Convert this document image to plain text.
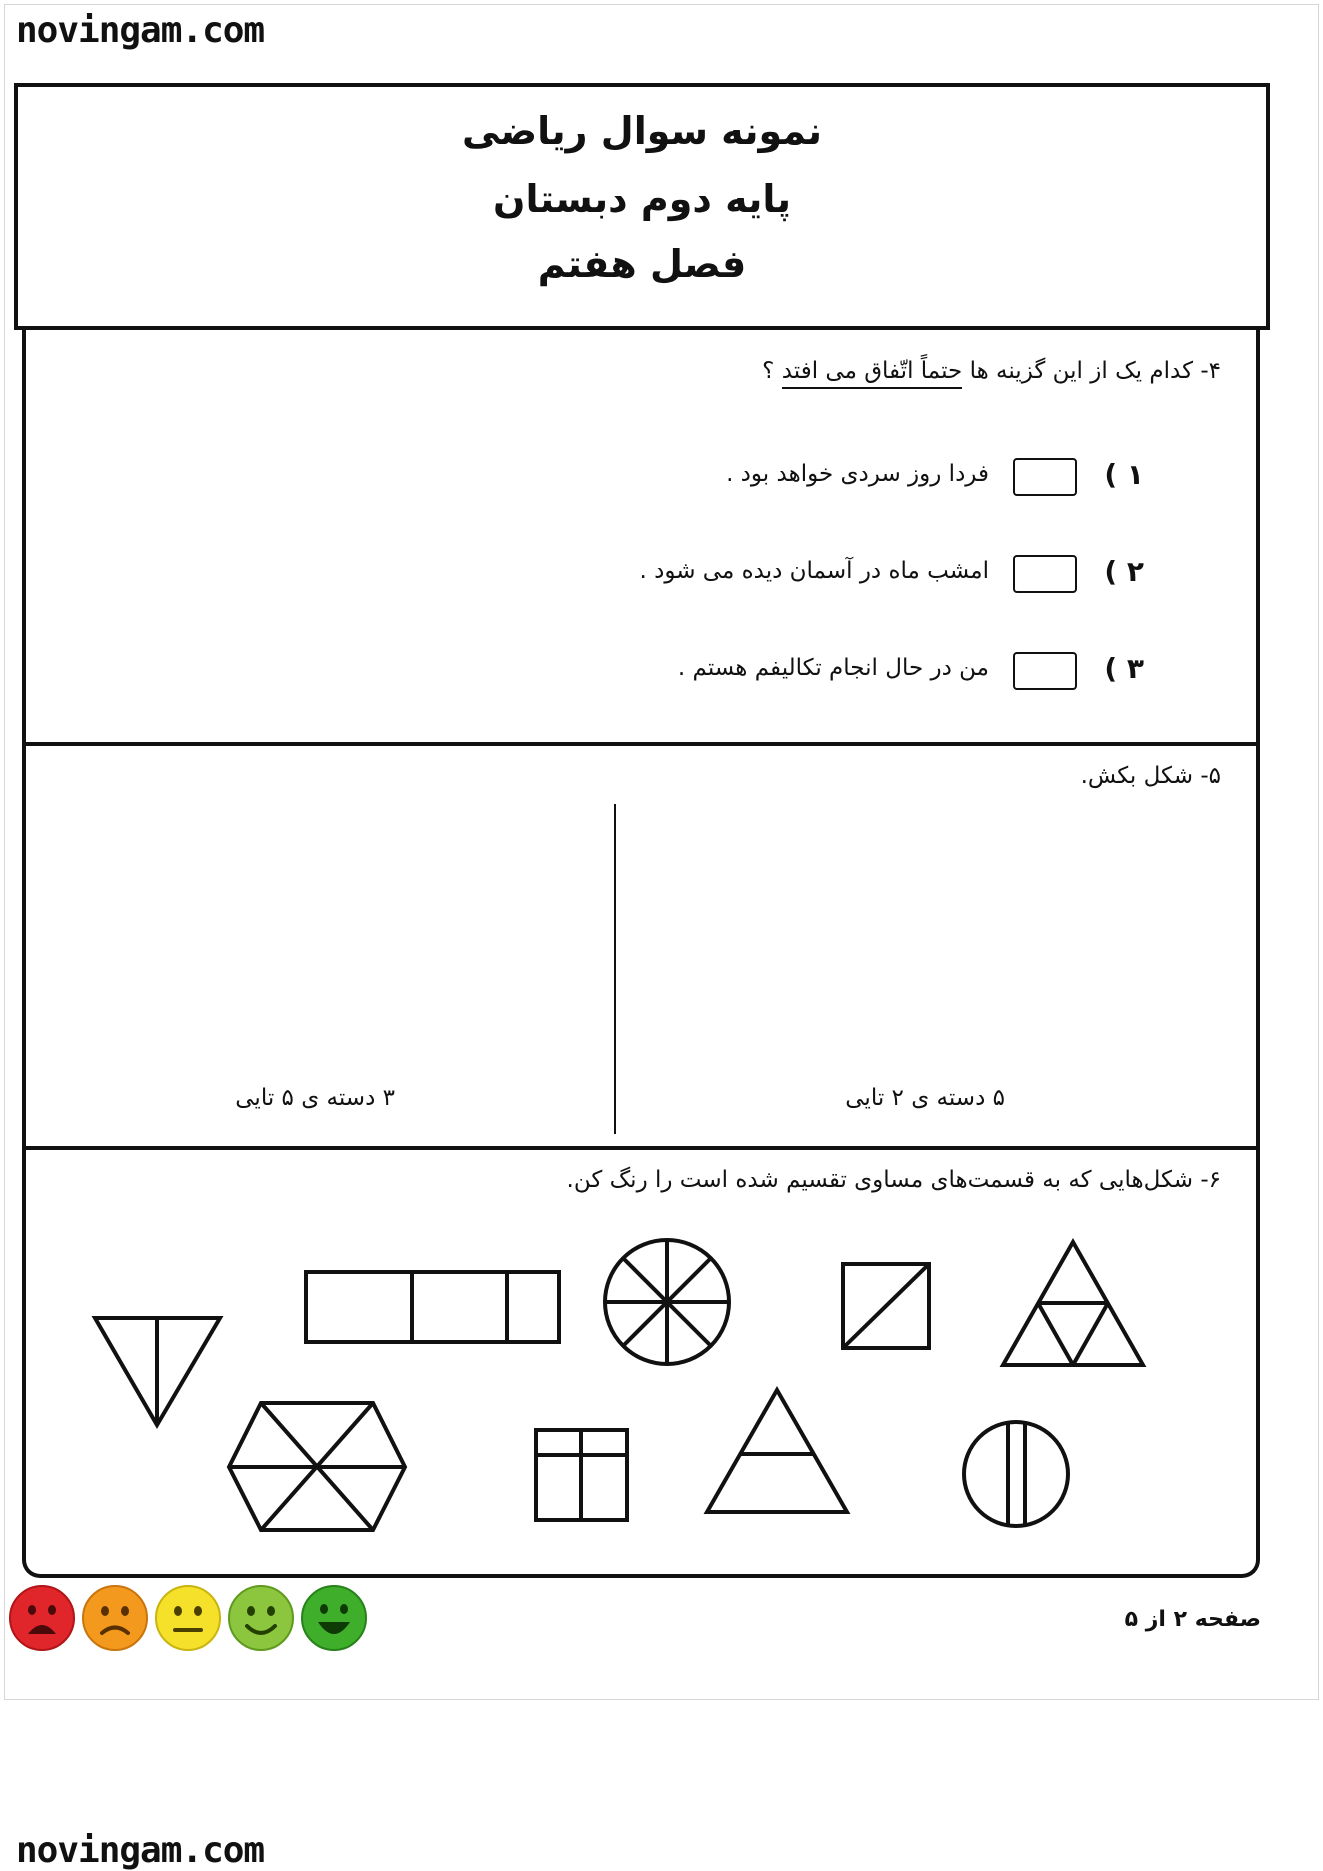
novingam.com
novingam.com
نمونه سوال ریاضی
پایه دوم دبستان
فصل هفتم
۴- کدام یک از این گزینه ها حتماً اتّفاق می افتد ؟
۱ )
فردا روز سردی خواهد بود .
۲ )
امشب ماه در آسمان دیده می شود .
۳ )
من در حال انجام تکالیفم هستم .
۵- شکل بکش.
۵ دسته ی ۲ تایی
۳ دسته ی ۵ تایی
۶- شکل‌هایی که به قسمت‌های مساوی تقسیم شده است را رنگ کن.
صفحه ۲ از ۵
